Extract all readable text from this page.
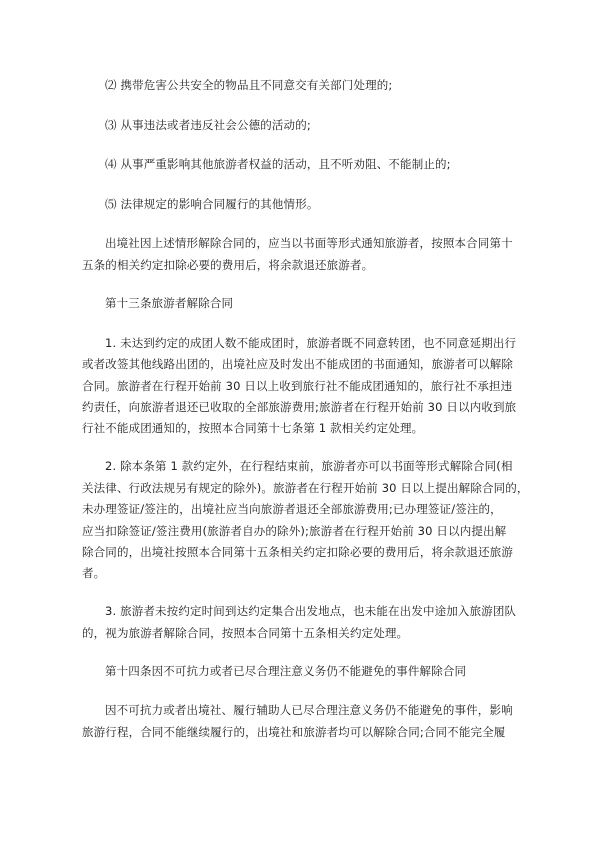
⑵ 携带危害公共安全的物品且不同意交有关部门处理的;
⑶ 从事违法或者违反社会公德的活动的;
⑷ 从事严重影响其他旅游者权益的活动，且不听劝阻、不能制止的;
⑸ 法律规定的影响合同履行的其他情形。
出境社因上述情形解除合同的，应当以书面等形式通知旅游者，按照本合同第十
五条的相关约定扣除必要的费用后，将余款退还旅游者。
第十三条旅游者解除合同
1. 未达到约定的成团人数不能成团时，旅游者既不同意转团，也不同意延期出行
或者改签其他线路出团的，出境社应及时发出不能成团的书面通知，旅游者可以解除
合同。旅游者在行程开始前 30 日以上收到旅行社不能成团通知的，旅行社不承担违
约责任，向旅游者退还已收取的全部旅游费用;旅游者在行程开始前 30 日以内收到旅
行社不能成团通知的，按照本合同第十七条第 1 款相关约定处理。
2. 除本条第 1 款约定外，在行程结束前，旅游者亦可以书面等形式解除合同(相
关法律、行政法规另有规定的除外)。旅游者在行程开始前 30 日以上提出解除合同的，
未办理签证/签注的，出境社应当向旅游者退还全部旅游费用;已办理签证/签注的，
应当扣除签证/签注费用(旅游者自办的除外);旅游者在行程开始前 30 日以内提出解
除合同的，出境社按照本合同第十五条相关约定扣除必要的费用后，将余款退还旅游
者。
3. 旅游者未按约定时间到达约定集合出发地点，也未能在出发中途加入旅游团队
的，视为旅游者解除合同，按照本合同第十五条相关约定处理。
第十四条因不可抗力或者已尽合理注意义务仍不能避免的事件解除合同
因不可抗力或者出境社、履行辅助人已尽合理注意义务仍不能避免的事件，影响
旅游行程，合同不能继续履行的，出境社和旅游者均可以解除合同;合同不能完全履
